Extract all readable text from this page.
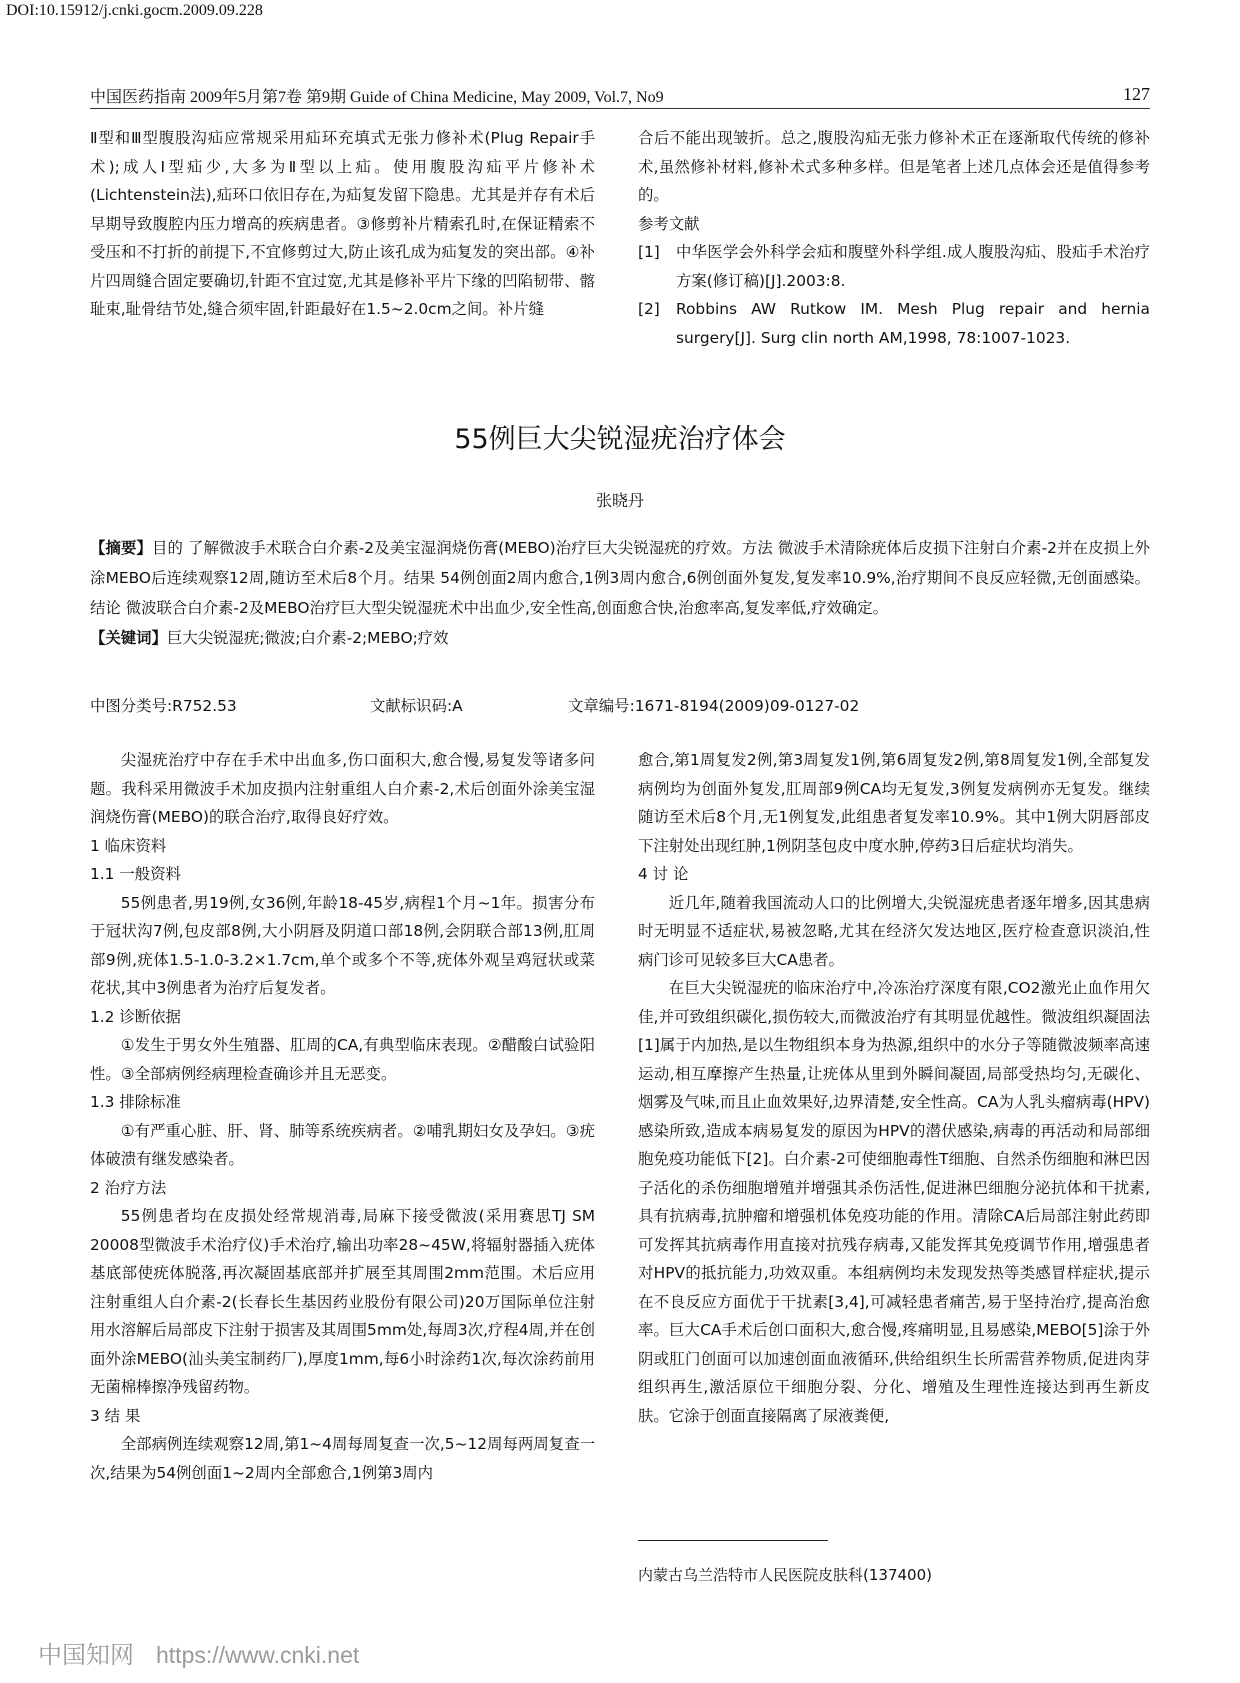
DOI:10.15912/j.cnki.gocm.2009.09.228
中国医药指南 2009年5月第7卷 第9期 Guide of China Medicine, May 2009, Vol.7, No9	127

Ⅱ型和Ⅲ型腹股沟疝应常规采用疝环充填式无张力修补术(Plug Repair手术);成人Ⅰ型疝少,大多为Ⅱ型以上疝。使用腹股沟疝平片修补术(Lichtenstein法),疝环口依旧存在,为疝复发留下隐患。尤其是并存有术后早期导致腹腔内压力增高的疾病患者。③修剪补片精索孔时,在保证精索不受压和不打折的前提下,不宜修剪过大,防止该孔成为疝复发的突出部。④补片四周缝合固定要确切,针距不宜过宽,尤其是修补平片下缘的凹陷韧带、髂耻束,耻骨结节处,缝合须牢固,针距最好在1.5~2.0cm之间。补片缝

合后不能出现皱折。总之,腹股沟疝无张力修补术正在逐渐取代传统的修补术,虽然修补材料,修补术式多种多样。但是笔者上述几点体会还是值得参考的。

参考文献

[1] 中华医学会外科学会疝和腹壁外科学组.成人腹股沟疝、股疝手术治疗方案(修订稿)[J].2003:8.
[2] Robbins AW Rutkow IM. Mesh Plug repair and hernia surgery[J]. Surg clin north AM,1998, 78:1007-1023.
55例巨大尖锐湿疣治疗体会
张晓丹

【摘要】目的 了解微波手术联合白介素-2及美宝湿润烧伤膏(MEBO)治疗巨大尖锐湿疣的疗效。方法 微波手术清除疣体后皮损下注射白介素-2并在皮损上外涂MEBO后连续观察12周,随访至术后8个月。结果 54例创面2周内愈合,1例3周内愈合,6例创面外复发,复发率10.9%,治疗期间不良反应轻微,无创面感染。结论 微波联合白介素-2及MEBO治疗巨大型尖锐湿疣术中出血少,安全性高,创面愈合快,治愈率高,复发率低,疗效确定。

【关键词】巨大尖锐湿疣;微波;白介素-2;MEBO;疗效

中图分类号:R752.53	文献标识码:A	文章编号:1671-8194(2009)09-0127-02

尖湿疣治疗中存在手术中出血多,伤口面积大,愈合慢,易复发等诸多问题。我科采用微波手术加皮损内注射重组人白介素-2,术后创面外涂美宝湿润烧伤膏(MEBO)的联合治疗,取得良好疗效。

1 临床资料

1.1 一般资料

55例患者,男19例,女36例,年龄18-45岁,病程1个月~1年。损害分布于冠状沟7例,包皮部8例,大小阴唇及阴道口部18例,会阴联合部13例,肛周部9例,疣体1.5-1.0-3.2×1.7cm,单个或多个不等,疣体外观呈鸡冠状或菜花状,其中3例患者为治疗后复发者。

1.2 诊断依据

①发生于男女外生殖器、肛周的CA,有典型临床表现。②醋酸白试验阳性。③全部病例经病理检查确诊并且无恶变。

1.3 排除标准

①有严重心脏、肝、肾、肺等系统疾病者。②哺乳期妇女及孕妇。③疣体破溃有继发感染者。

2 治疗方法

55例患者均在皮损处经常规消毒,局麻下接受微波(采用赛思TJ SM 20008型微波手术治疗仪)手术治疗,输出功率28~45W,将辐射器插入疣体基底部使疣体脱落,再次凝固基底部并扩展至其周围2mm范围。术后应用注射重组人白介素-2(长春长生基因药业股份有限公司)20万国际单位注射用水溶解后局部皮下注射于损害及其周围5mm处,每周3次,疗程4周,并在创面外涂MEBO(汕头美宝制药厂),厚度1mm,每6小时涂药1次,每次涂药前用无菌棉棒擦净残留药物。

3 结 果

全部病例连续观察12周,第1~4周每周复查一次,5~12周每两周复查一次,结果为54例创面1~2周内全部愈合,1例第3周内

愈合,第1周复发2例,第3周复发1例,第6周复发2例,第8周复发1例,全部复发病例均为创面外复发,肛周部9例CA均无复发,3例复发病例亦无复发。继续随访至术后8个月,无1例复发,此组患者复发率10.9%。其中1例大阴唇部皮下注射处出现红肿,1例阴茎包皮中度水肿,停药3日后症状均消失。

4 讨 论

近几年,随着我国流动人口的比例增大,尖锐湿疣患者逐年增多,因其患病时无明显不适症状,易被忽略,尤其在经济欠发达地区,医疗检查意识淡泊,性病门诊可见较多巨大CA患者。

在巨大尖锐湿疣的临床治疗中,冷冻治疗深度有限,CO2激光止血作用欠佳,并可致组织碳化,损伤较大,而微波治疗有其明显优越性。微波组织凝固法[1]属于内加热,是以生物组织本身为热源,组织中的水分子等随微波频率高速运动,相互摩擦产生热量,让疣体从里到外瞬间凝固,局部受热均匀,无碳化、烟雾及气味,而且止血效果好,边界清楚,安全性高。CA为人乳头瘤病毒(HPV)感染所致,造成本病易复发的原因为HPV的潜伏感染,病毒的再活动和局部细胞免疫功能低下[2]。白介素-2可使细胞毒性T细胞、自然杀伤细胞和淋巴因子活化的杀伤细胞增殖并增强其杀伤活性,促进淋巴细胞分泌抗体和干扰素,具有抗病毒,抗肿瘤和增强机体免疫功能的作用。清除CA后局部注射此药即可发挥其抗病毒作用直接对抗残存病毒,又能发挥其免疫调节作用,增强患者对HPV的抵抗能力,功效双重。本组病例均未发现发热等类感冒样症状,提示在不良反应方面优于干扰素[3,4],可减轻患者痛苦,易于坚持治疗,提高治愈率。巨大CA手术后创口面积大,愈合慢,疼痛明显,且易感染,MEBO[5]涂于外阴或肛门创面可以加速创面血液循环,供给组织生长所需营养物质,促进肉芽组织再生,激活原位干细胞分裂、分化、增殖及生理性连接达到再生新皮肤。它涂于创面直接隔离了尿液粪便,

内蒙古乌兰浩特市人民医院皮肤科(137400)
中国知网 https://www.cnki.net
